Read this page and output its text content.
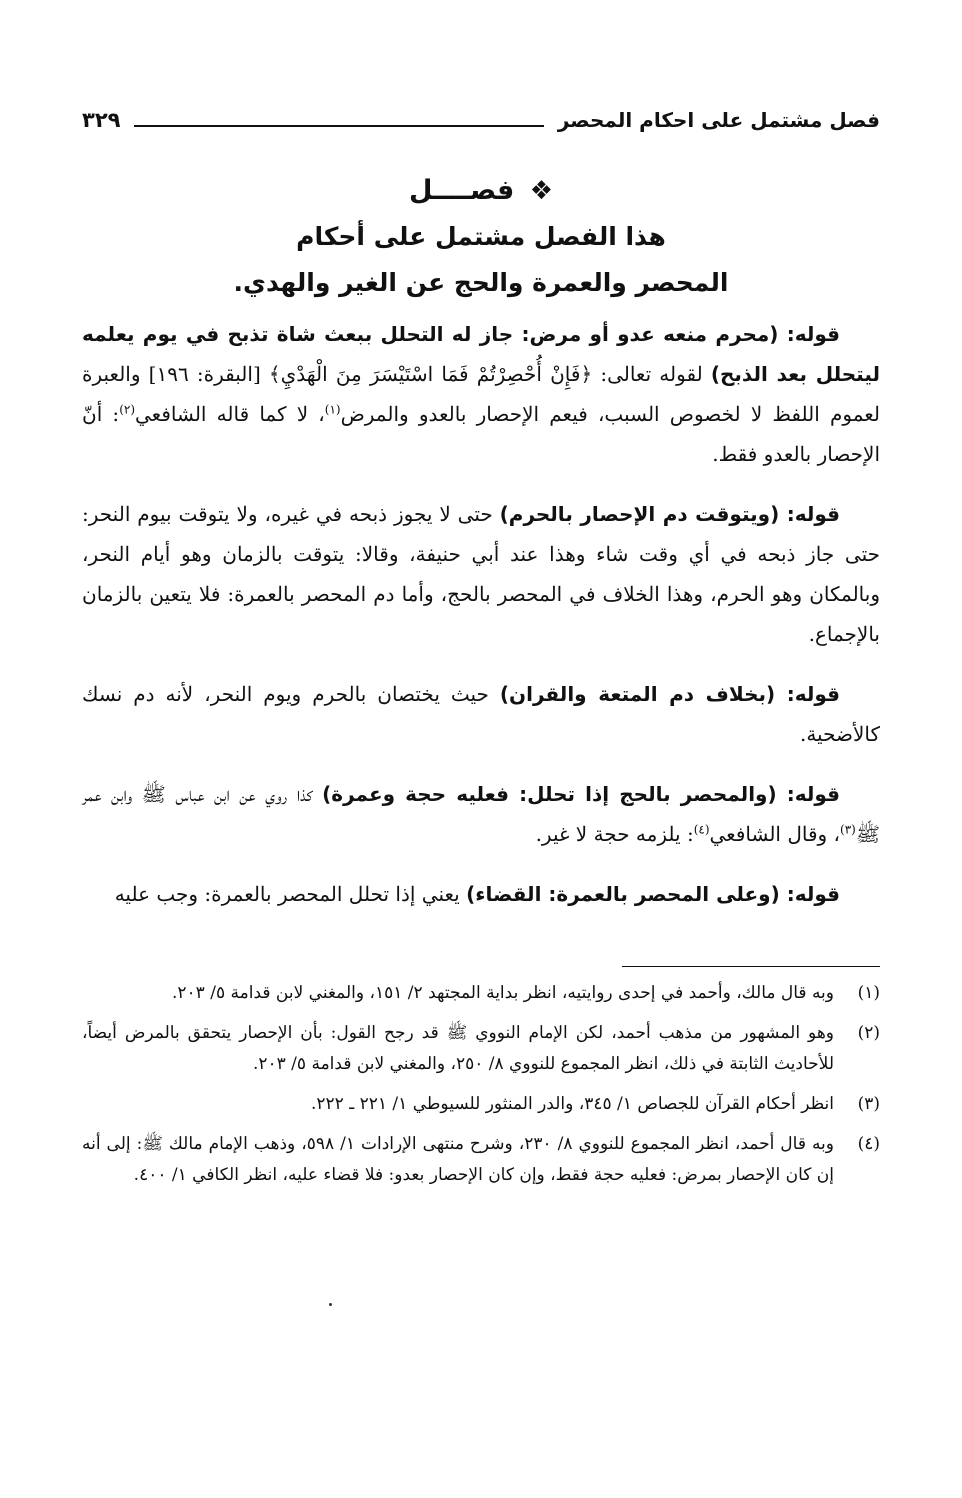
فصل مشتمل على احكام المحصر
٣٢٩
❖ فصــــل
هذا الفصل مشتمل على أحكام
المحصر والعمرة والحج عن الغير والهدي.

قوله: (محرم منعه عدو أو مرض: جاز له التحلل ببعث شاة تذبح في يوم يعلمه ليتحلل بعد الذبح) لقوله تعالى: ﴿فَإِنْ أُحْصِرْتُمْ فَمَا اسْتَيْسَرَ مِنَ الْهَدْيِ﴾ [البقرة: ١٩٦] والعبرة لعموم اللفظ لا لخصوص السبب، فيعم الإحصار بالعدو والمرض$^{(١)}$، لا كما قاله الشافعي$^{(٢)}$: أنّ الإحصار بالعدو فقط.

قوله: (ويتوقت دم الإحصار بالحرم) حتى لا يجوز ذبحه في غيره، ولا يتوقت بيوم النحر: حتى جاز ذبحه في أي وقت شاء وهذا عند أبي حنيفة، وقالا: يتوقت بالزمان وهو أيام النحر، وبالمكان وهو الحرم، وهذا الخلاف في المحصر بالحج، وأما دم المحصر بالعمرة: فلا يتعين بالزمان بالإجماع.

قوله: (بخلاف دم المتعة والقران) حيث يختصان بالحرم ويوم النحر، لأنه دم نسك كالأضحية.

قوله: (والمحصر بالحج إذا تحلل: فعليه حجة وعمرة) كذا روي عن ابن عباس ﷺ وابن عمر ﷺ$^{(٣)}$، وقال الشافعي$^{(٤)}$: يلزمه حجة لا غير.

قوله: (وعلى المحصر بالعمرة: القضاء) يعني إذا تحلل المحصر بالعمرة: وجب عليه

(١)
وبه قال مالك، وأحمد في إحدى روايتيه، انظر بداية المجتهد ٢/ ١٥١، والمغني لابن قدامة ٥/ ٢٠٣.
(٢)
وهو المشهور من مذهب أحمد، لكن الإمام النووي ﷺ قد رجح القول: بأن الإحصار يتحقق بالمرض أيضاً، للأحاديث الثابتة في ذلك، انظر المجموع للنووي ٨/ ٢٥٠، والمغني لابن قدامة ٥/ ٢٠٣.
(٣)
انظر أحكام القرآن للجصاص ١/ ٣٤٥، والدر المنثور للسيوطي ١/ ٢٢١ ـ ٢٢٢.
(٤)
وبه قال أحمد، انظر المجموع للنووي ٨/ ٢٣٠، وشرح منتهى الإرادات ١/ ٥٩٨، وذهب الإمام مالك ﷺ: إلى أنه إن كان الإحصار بمرض: فعليه حجة فقط، وإن كان الإحصار بعدو: فلا قضاء عليه، انظر الكافي ١/ ٤٠٠.
